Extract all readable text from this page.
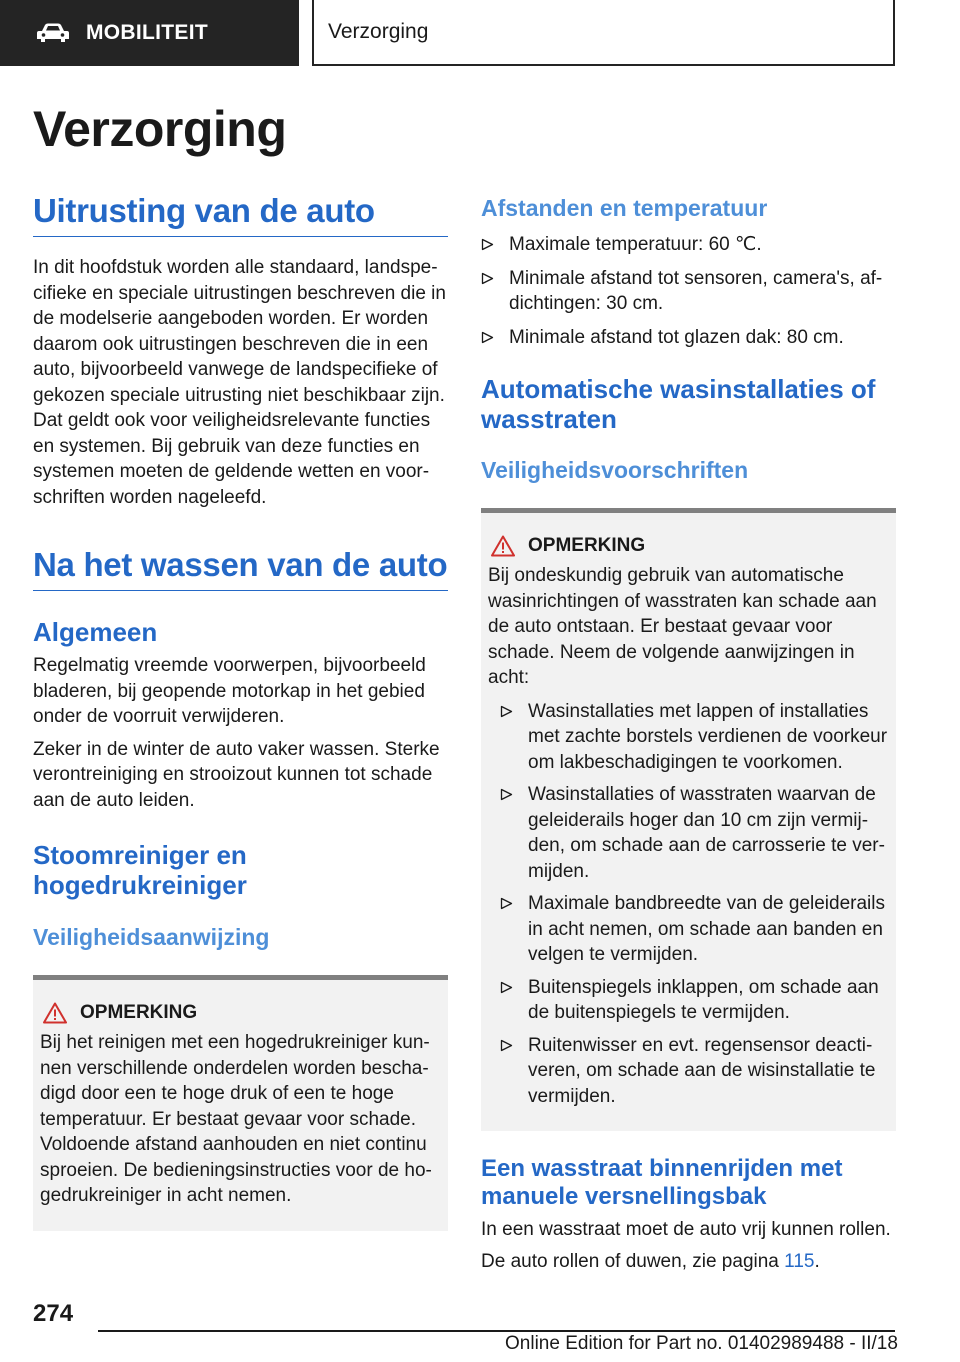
MOBILITEIT	Verzorging
Verzorging
Uitrusting van de auto
In dit hoofdstuk worden alle standaard, landspecifieke en speciale uitrustingen beschreven die in de modelserie aangeboden worden. Er worden daarom ook uitrustingen beschreven die in een auto, bijvoorbeeld vanwege de landspecifieke of gekozen speciale uitrusting niet beschikbaar zijn. Dat geldt ook voor veiligheidsrelevante functies en systemen. Bij gebruik van deze functies en systemen moeten de geldende wetten en voorschriften worden nageleefd.
Na het wassen van de auto
Algemeen
Regelmatig vreemde voorwerpen, bijvoorbeeld bladeren, bij geopende motorkap in het gebied onder de voorruit verwijderen.
Zeker in de winter de auto vaker wassen. Sterke verontreiniging en strooizout kunnen tot schade aan de auto leiden.
Stoomreiniger en hogedrukreiniger
Veiligheidsaanwijzing
OPMERKING
Bij het reinigen met een hogedrukreiniger kunnen verschillende onderdelen worden beschadigd door een te hoge druk of een te hoge temperatuur. Er bestaat gevaar voor schade. Voldoende afstand aanhouden en niet continu sproeien. De bedieningsinstructies voor de hogedrukreiniger in acht nemen.
Afstanden en temperatuur
Maximale temperatuur: 60 ℃.
Minimale afstand tot sensoren, camera's, afdichtingen: 30 cm.
Minimale afstand tot glazen dak: 80 cm.
Automatische wasinstallaties of wasstraten
Veiligheidsvoorschriften
OPMERKING
Bij ondeskundig gebruik van automatische wasinrichtingen of wasstraten kan schade aan de auto ontstaan. Er bestaat gevaar voor schade. Neem de volgende aanwijzingen in acht:
Wasinstallaties met lappen of installaties met zachte borstels verdienen de voorkeur om lakbeschadigingen te voorkomen.
Wasinstallaties of wasstraten waarvan de geleiderails hoger dan 10 cm zijn vermijden, om schade aan de carrosserie te vermijden.
Maximale bandbreedte van de geleiderails in acht nemen, om schade aan banden en velgen te vermijden.
Buitenspiegels inklappen, om schade aan de buitenspiegels te vermijden.
Ruitenwisser en evt. regensensor deactiveren, om schade aan de wisinstallatie te vermijden.
Een wasstraat binnenrijden met manuele versnellingsbak
In een wasstraat moet de auto vrij kunnen rollen.
De auto rollen of duwen, zie pagina 115.
274
Online Edition for Part no. 01402989488 - II/18
